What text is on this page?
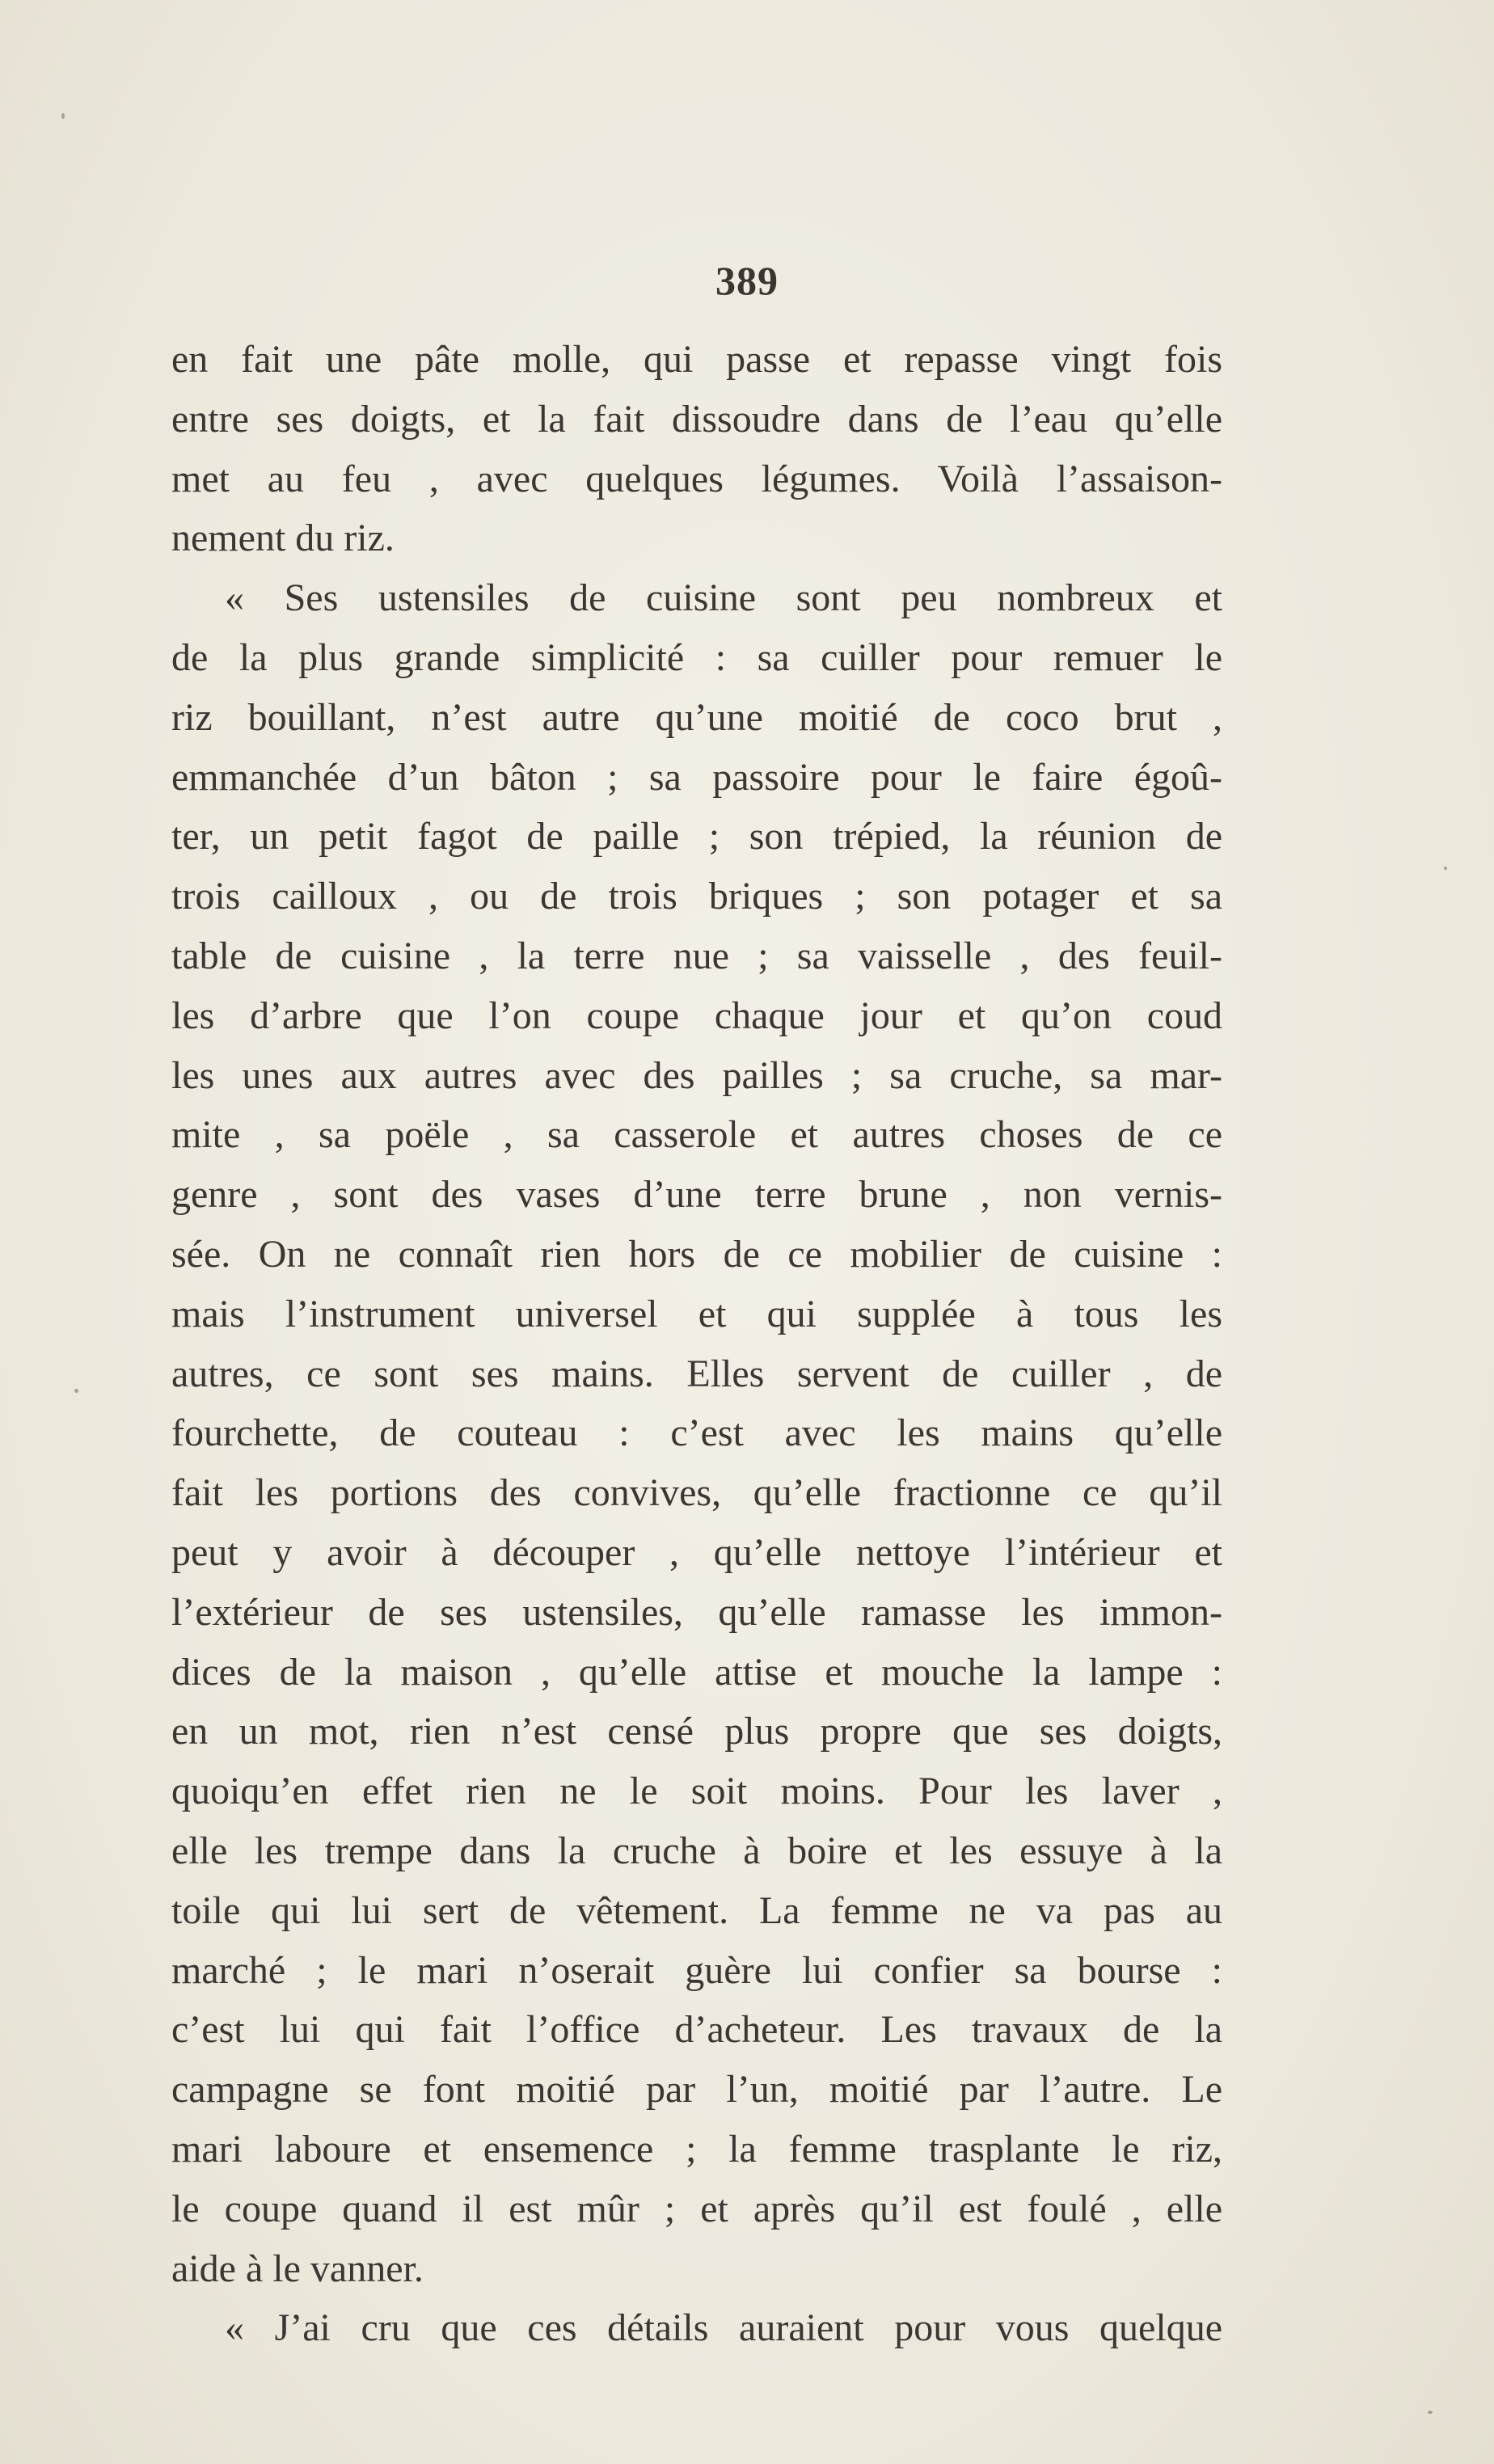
389
en fait une pâte molle, qui passe et repasse vingt fois
entre ses doigts, et la fait dissoudre dans de l’eau qu’elle
met au feu , avec quelques légumes. Voilà l’assaison-
nement du riz.
« Ses ustensiles de cuisine sont peu nombreux et
de la plus grande simplicité : sa cuiller pour remuer le
riz bouillant, n’est autre qu’une moitié de coco brut ,
emmanchée d’un bâton ; sa passoire pour le faire égoû-
ter, un petit fagot de paille ; son trépied, la réunion de
trois cailloux , ou de trois briques ; son potager et sa
table de cuisine , la terre nue ; sa vaisselle , des feuil-
les d’arbre que l’on coupe chaque jour et qu’on coud
les unes aux autres avec des pailles ; sa cruche, sa mar-
mite , sa poële , sa casserole et autres choses de ce
genre , sont des vases d’une terre brune , non vernis-
sée. On ne connaît rien hors de ce mobilier de cuisine :
mais l’instrument universel et qui supplée à tous les
autres, ce sont ses mains. Elles servent de cuiller , de
fourchette, de couteau : c’est avec les mains qu’elle
fait les portions des convives, qu’elle fractionne ce qu’il
peut y avoir à découper , qu’elle nettoye l’intérieur et
l’extérieur de ses ustensiles, qu’elle ramasse les immon-
dices de la maison , qu’elle attise et mouche la lampe :
en un mot, rien n’est censé plus propre que ses doigts,
quoiqu’en effet rien ne le soit moins. Pour les laver ,
elle les trempe dans la cruche à boire et les essuye à la
toile qui lui sert de vêtement. La femme ne va pas au
marché ; le mari n’oserait guère lui confier sa bourse :
c’est lui qui fait l’office d’acheteur. Les travaux de la
campagne se font moitié par l’un, moitié par l’autre. Le
mari laboure et ensemence ; la femme trasplante le riz,
le coupe quand il est mûr ; et après qu’il est foulé , elle
aide à le vanner.
« J’ai cru que ces détails auraient pour vous quelque
